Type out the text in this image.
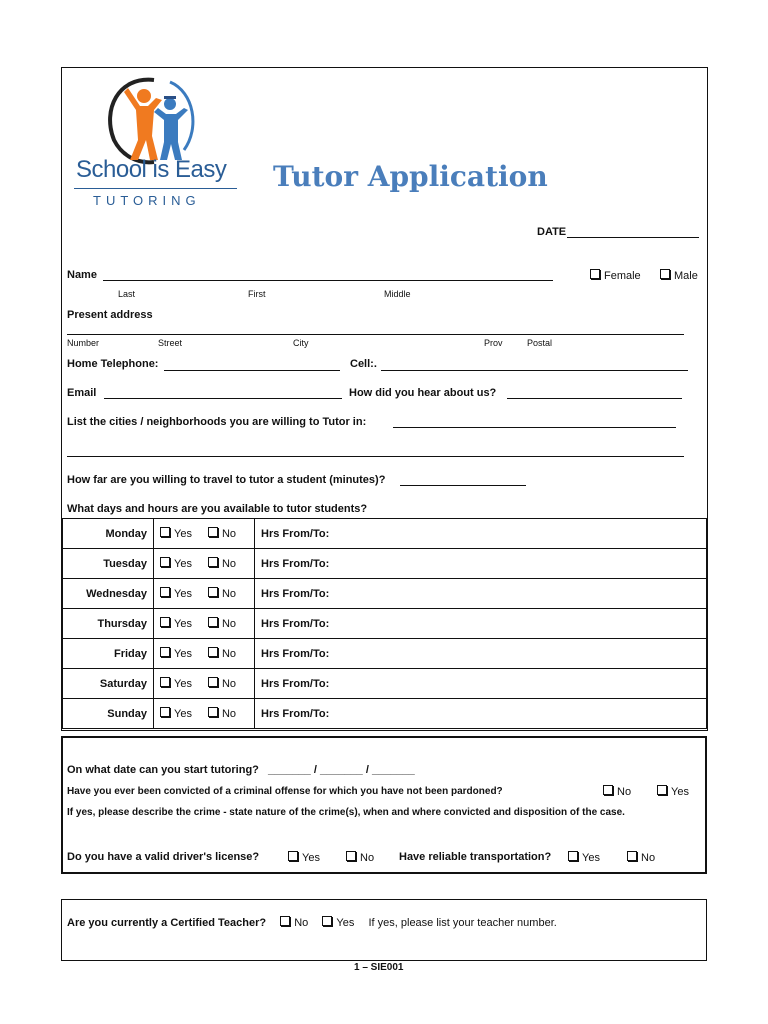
School is Easy
TUTORING
Tutor Application
DATE
Name	Female	Male
Last	First	Middle
Present address
Number	Street	City	Prov	Postal
Home Telephone:	Cell:.
Email	How did you hear about us?
List the cities / neighborhoods you are willing to Tutor in:
How far are you willing to travel to tutor a student (minutes)?
What days and hours are you available to tutor students?
Monday	Yes No	Hrs From/To:
Tuesday	Yes No	Hrs From/To:
Wednesday	Yes No	Hrs From/To:
Thursday	Yes No	Hrs From/To:
Friday	Yes No	Hrs From/To:
Saturday	Yes No	Hrs From/To:
Sunday	Yes No	Hrs From/To:
On what date can you start tutoring? _______ / _______ / _______
Have you ever been convicted of a criminal offense for which you have not been pardoned?	No	Yes
If yes, please describe the crime - state nature of the crime(s), when and where convicted and disposition of the case.
Do you have a valid driver's license?	Yes	No Have reliable transportation?	Yes	No
Are you currently a Certified Teacher?	No	Yes If yes, please list your teacher number.
1 – SIE001
